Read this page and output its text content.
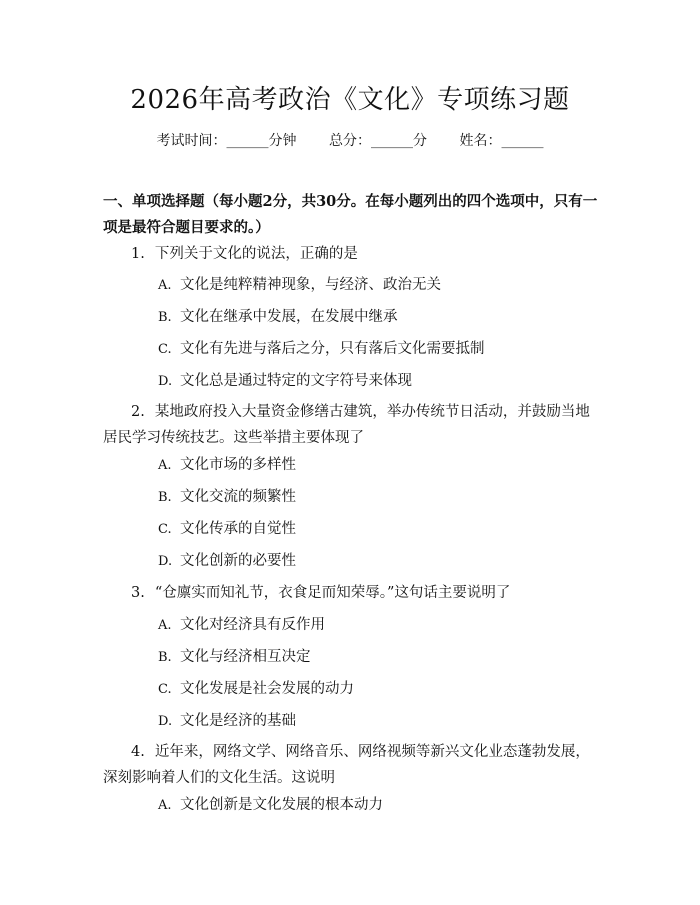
2026年高考政治《文化》专项练习题
考试时间：______分钟 总分：______分 姓名：______
一、单项选择题（每小题2分，共30分。在每小题列出的四个选项中，只有一项是最符合题目要求的。）
1. 下列关于文化的说法，正确的是
A. 文化是纯粹精神现象，与经济、政治无关
B. 文化在继承中发展，在发展中继承
C. 文化有先进与落后之分，只有落后文化需要抵制
D. 文化总是通过特定的文字符号来体现
2. 某地政府投入大量资金修缮古建筑，举办传统节日活动，并鼓励当地居民学习传统技艺。这些举措主要体现了
A. 文化市场的多样性
B. 文化交流的频繁性
C. 文化传承的自觉性
D. 文化创新的必要性
3. “仓廪实而知礼节，衣食足而知荣辱。”这句话主要说明了
A. 文化对经济具有反作用
B. 文化与经济相互决定
C. 文化发展是社会发展的动力
D. 文化是经济的基础
4. 近年来，网络文学、网络音乐、网络视频等新兴文化业态蓬勃发展，深刻影响着人们的文化生活。这说明
A. 文化创新是文化发展的根本动力
